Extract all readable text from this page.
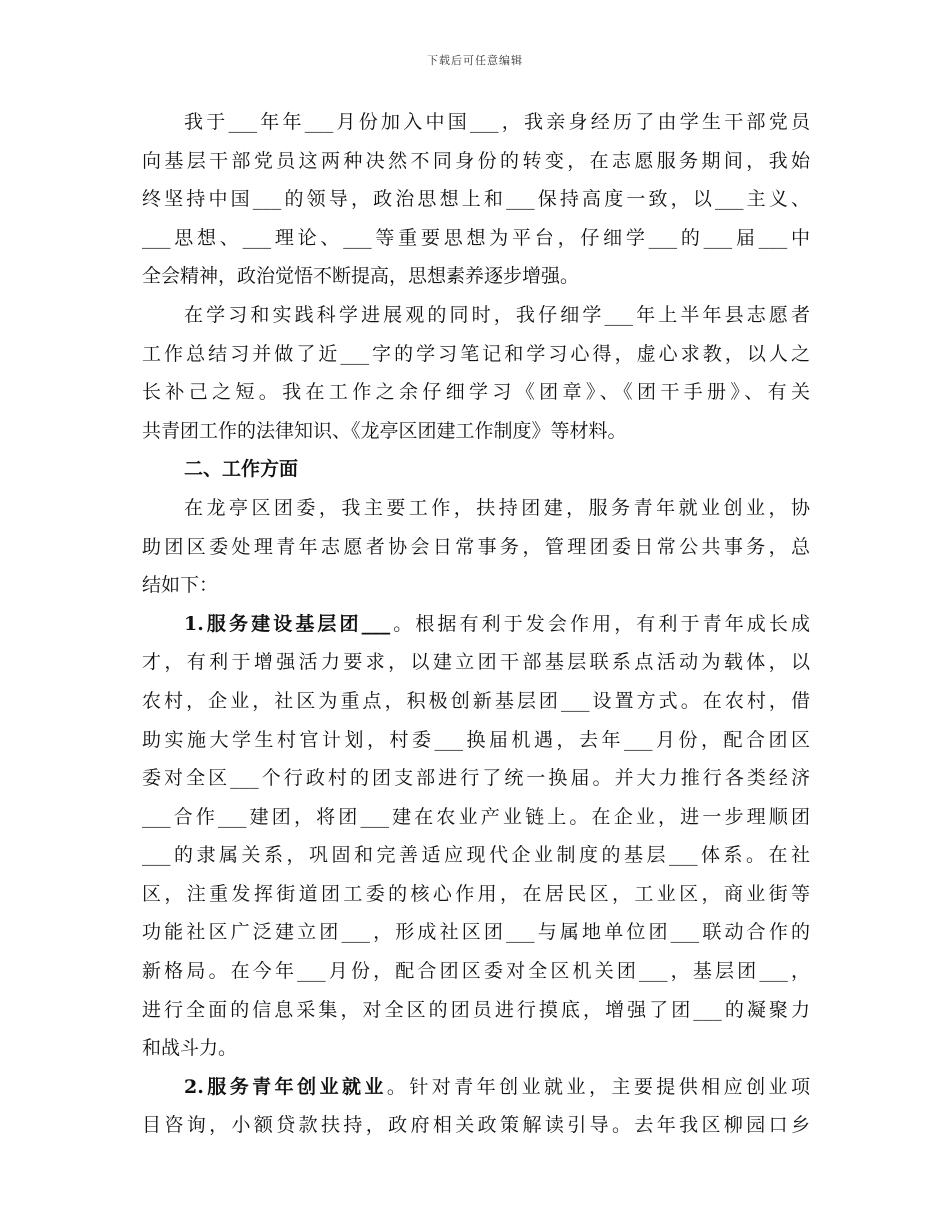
下载后可任意编辑
我于___年年___月份加入中国___，我亲身经历了由学生干部党员
向基层干部党员这两种决然不同身份的转变，在志愿服务期间，我始
终坚持中国___的领导，政治思想上和___保持高度一致，以___主义、
___思想、___理论、___等重要思想为平台，仔细学___的___届___中
全会精神，政治觉悟不断提高，思想素养逐步增强。
在学习和实践科学进展观的同时，我仔细学___年上半年县志愿者
工作总结习并做了近___字的学习笔记和学习心得，虚心求教，以人之
长补己之短。我在工作之余仔细学习《团章》、《团干手册》、有关
共青团工作的法律知识、《龙亭区团建工作制度》等材料。
二、工作方面
在龙亭区团委，我主要工作，扶持团建，服务青年就业创业，协
助团区委处理青年志愿者协会日常事务，管理团委日常公共事务，总
结如下：
1.服务建设基层团___。根据有利于发会作用，有利于青年成长成
才，有利于增强活力要求，以建立团干部基层联系点活动为载体，以
农村，企业，社区为重点，积极创新基层团___设置方式。在农村，借
助实施大学生村官计划，村委___换届机遇，去年___月份，配合团区
委对全区___个行政村的团支部进行了统一换届。并大力推行各类经济
___合作___建团，将团___建在农业产业链上。在企业，进一步理顺团
___的隶属关系，巩固和完善适应现代企业制度的基层___体系。在社
区，注重发挥街道团工委的核心作用，在居民区，工业区，商业街等
功能社区广泛建立团___，形成社区团___与属地单位团___联动合作的
新格局。在今年___月份，配合团区委对全区机关团___，基层团___，
进行全面的信息采集，对全区的团员进行摸底，增强了团___的凝聚力
和战斗力。
2.服务青年创业就业。针对青年创业就业，主要提供相应创业项
目咨询，小额贷款扶持，政府相关政策解读引导。去年我区柳园口乡
